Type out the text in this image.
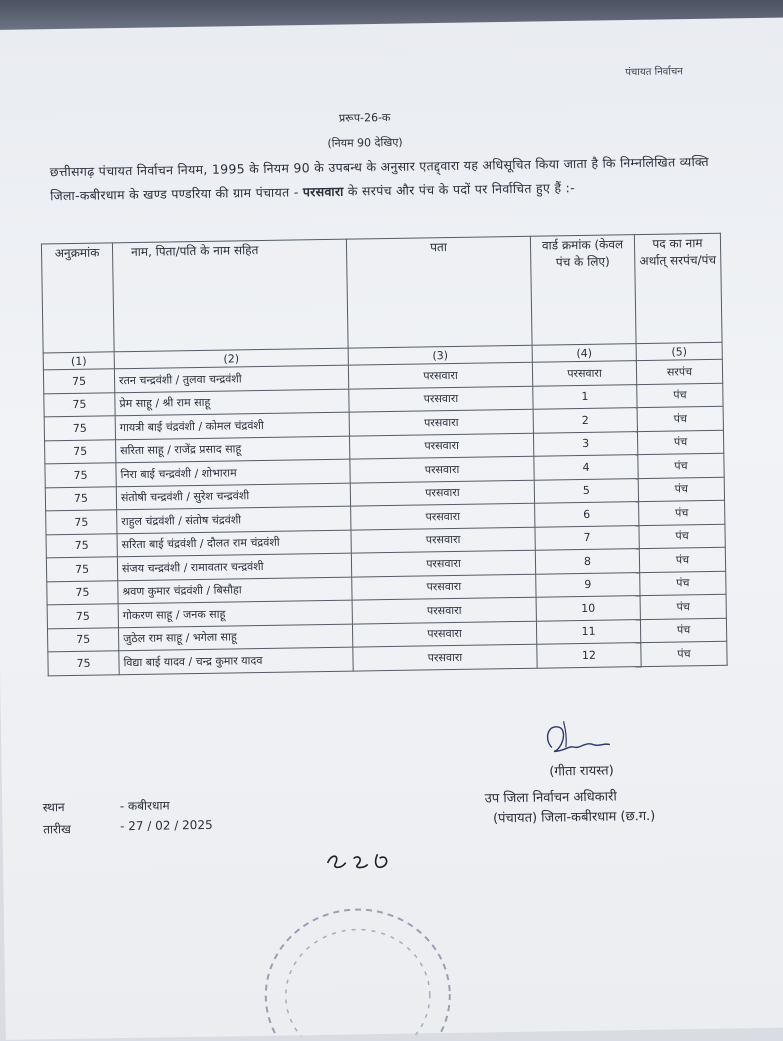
पंचायत निर्वाचन
प्ररूप-26-क
(नियम 90 देखिए)
छत्तीसगढ़ पंचायत निर्वाचन नियम, 1995 के नियम 90 के उपबन्ध के अनुसार एतद्द्वारा यह अधिसूचित किया जाता है कि निम्नलिखित व्यक्ति जिला-कबीरधाम के खण्ड पण्डरिया की ग्राम पंचायत - परसवारा के सरपंच और पंच के पदों पर निर्वाचित हुए हैं :-
अनुक्रमांक	नाम, पिता/पति के नाम सहित	पता	वार्ड क्रमांक (केवल पंच के लिए)	पद का नाम अर्थात् सरपंच/पंच
(1)	(2)	(3)	(4)	(5)
75	रतन चन्द्रवंशी / तुलवा चन्द्रवंशी	परसवारा	परसवारा	सरपंच
75	प्रेम साहू / श्री राम साहू	परसवारा	1	पंच
75	गायत्री बाई चंद्रवंशी / कोमल चंद्रवंशी	परसवारा	2	पंच
75	सरिता साहू / राजेंद्र प्रसाद साहू	परसवारा	3	पंच
75	निरा बाई चन्द्रवंशी / शोभाराम	परसवारा	4	पंच
75	संतोषी चन्द्रवंशी / सुरेश चन्द्रवंशी	परसवारा	5	पंच
75	राहुल चंद्रवंशी / संतोष चंद्रवंशी	परसवारा	6	पंच
75	सरिता बाई चंद्रवंशी / दौलत राम चंद्रवंशी	परसवारा	7	पंच
75	संजय चन्द्रवंशी / रामावतार चन्द्रवंशी	परसवारा	8	पंच
75	श्रवण कुमार चंद्रवंशी / बिसौहा	परसवारा	9	पंच
75	गोकरण साहू / जनक साहू	परसवारा	10	पंच
75	जुठेल राम साहू / भगेला साहू	परसवारा	11	पंच
75	विद्या बाई यादव / चन्द्र कुमार यादव	परसवारा	12	पंच
(गीता रायस्त)
उप जिला निर्वाचन अधिकारी
(पंचायत) जिला-कबीरधाम (छ.ग.)
स्थान	- कबीरधाम
तारीख	- 27 / 02 / 2025
